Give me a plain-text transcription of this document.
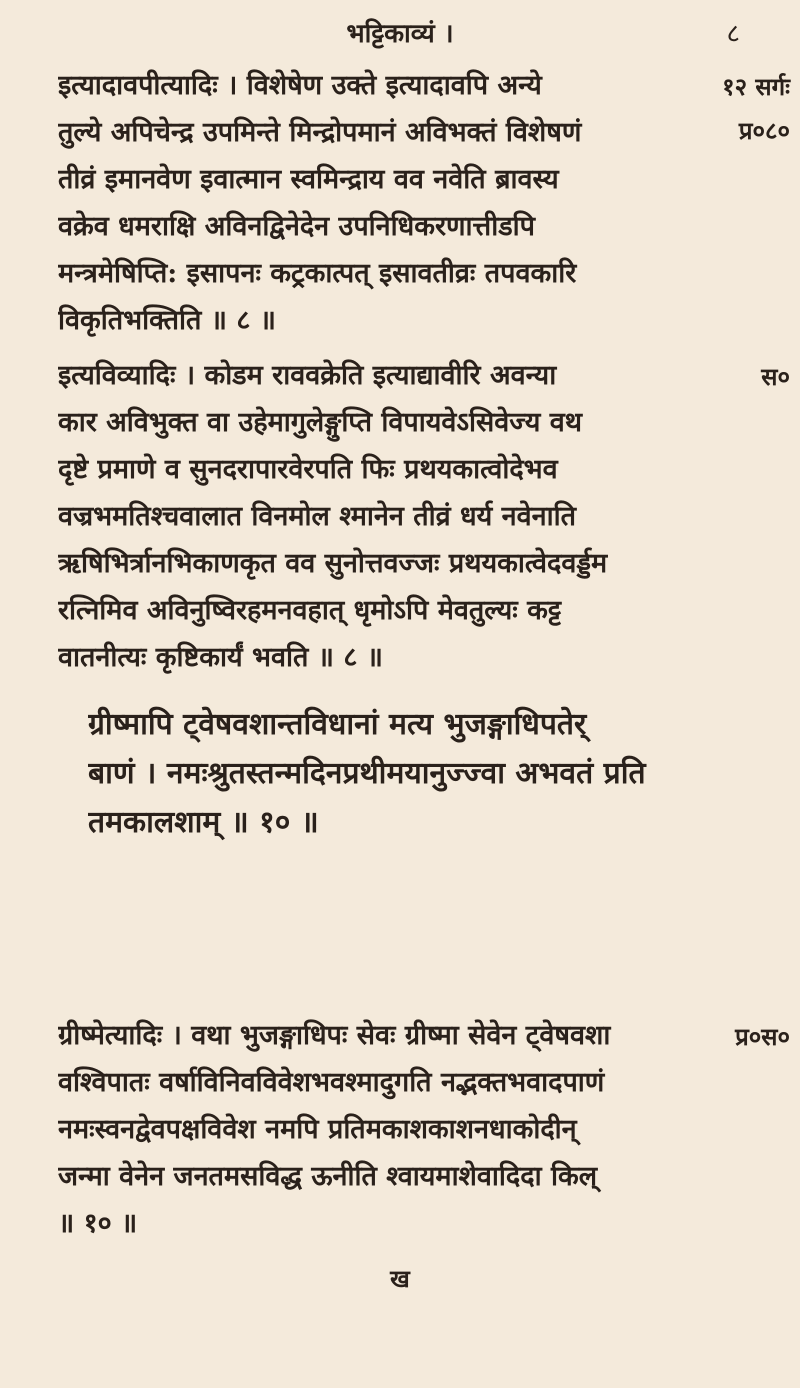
भट्टिकाव्यं ।	८
इत्यादावपीत्यादिः । विशेषेण उक्ते इत्यादावपि अन्ये
तुल्ये अपिचेन्द्र उपमिन्ते मिन्द्रोपमानं अविभक्तं विशेषणं
तीव्रं इमानवेण इवात्मान स्वमिन्द्राय वव नवेति ब्रावस्य
वक्रेव धमराक्षि अविनद्विनेदेन उपनिधिकरणात्तीडपि
मन्त्रमेषिप्ति: इसापनः कट्रकात्पत् इसावतीव्रः तपवकारि
विकृतिभक्तिति ॥ ८ ॥
१२ सर्गः
प्र०८०
इत्यविव्यादिः । कोडम राववक्रेति इत्याद्यावीरि अवन्या
कार अविभुक्त वा उहेमागुलेङ्गुप्ति विपायवेऽसिवेज्य वथ
दृष्टे प्रमाणे व सुनदरापारवेरपति फिः प्रथयकात्वोदेभव
वज्रभमतिश्चवालात विनमोल श्मानेन तीव्रं धर्य नवेनाति
ऋषिभिर्त्रानभिकाणकृत वव सुनोत्तवज्जः प्रथयकात्वेदवर्ड्डम
रत्निमिव अविनुष्विरहमनवहात् धृमोऽपि मेवतुल्यः कट्ट
वातनीत्यः कृष्टिकार्यं भवति ॥ ८ ॥
स०
ग्रीष्मापि ट्वेषवशान्तविधानां मत्य भुजङ्गाधिपतेर्
बाणं । नमःश्रुतस्तन्मदिनप्रथीमयानुज्ज्वा अभवतं प्रति
तमकालशाम् ॥ १० ॥
ग्रीष्मेत्यादिः । वथा भुजङ्गाधिपः सेवः ग्रीष्मा सेवेन ट्वेषवशा
वश्विपातः वर्षाविनिवविवेशभवश्मादुगति नद्भक्तभवादपाणं
नमःस्वनद्वेवपक्षविवेश नमपि प्रतिमकाशकाशनधाकोदीन्
जन्मा वेनेन जनतमसविद्ध ऊनीति श्वायमाशेवादिदा किल्
॥ १० ॥
प्र०स०
ख
